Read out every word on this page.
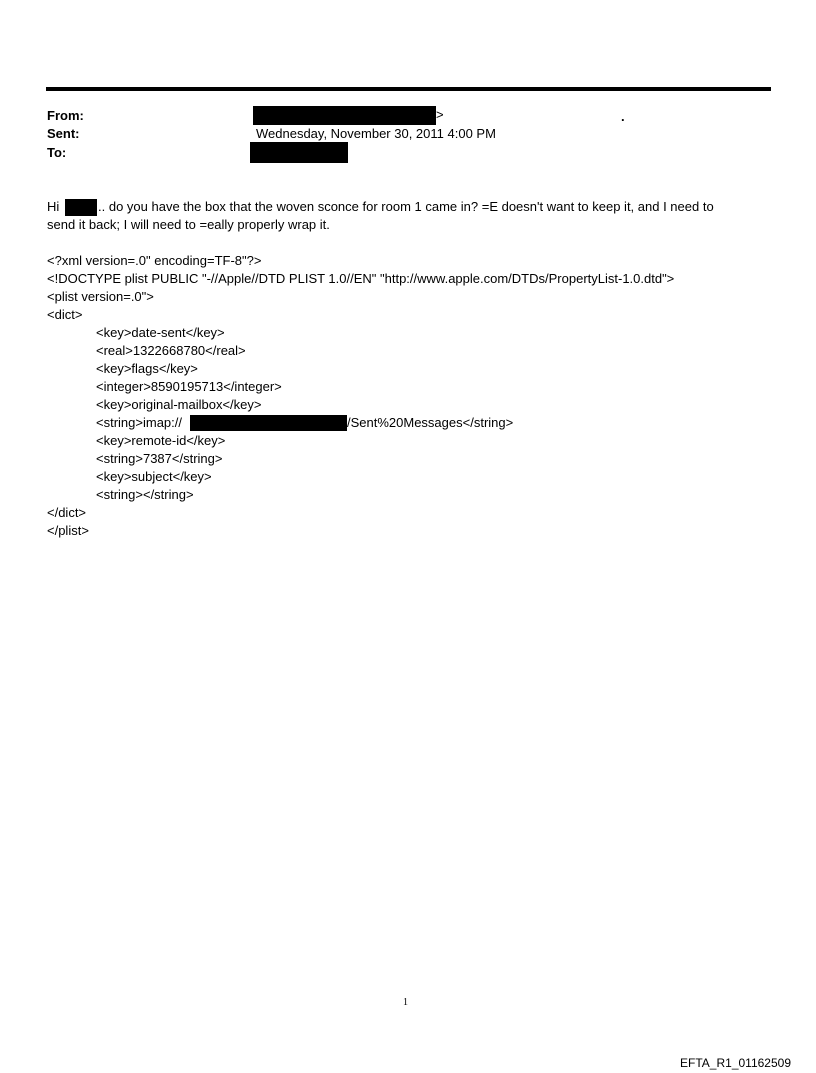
From:	>	.
Sent:	Wednesday, November 30, 2011 4:00 PM
To:
Hi	.. do you have the box that the woven sconce for room 1 came in? =E doesn't want to keep it, and I need to
send it back; I will need to =eally properly wrap it.
<?xml version=.0" encoding=TF-8"?>
<!DOCTYPE plist PUBLIC "-//Apple//DTD PLIST 1.0//EN" "http://www.apple.com/DTDs/PropertyList-1.0.dtd">
<plist version=.0">
<dict>
<key>date-sent</key>
<real>1322668780</real>
<key>flags</key>
<integer>8590195713</integer>
<key>original-mailbox</key>
<string>imap://	/Sent%20Messages</string>
<key>remote-id</key>
<string>7387</string>
<key>subject</key>
<string></string>
</dict>
</plist>
1
EFTA_R1_01162509
